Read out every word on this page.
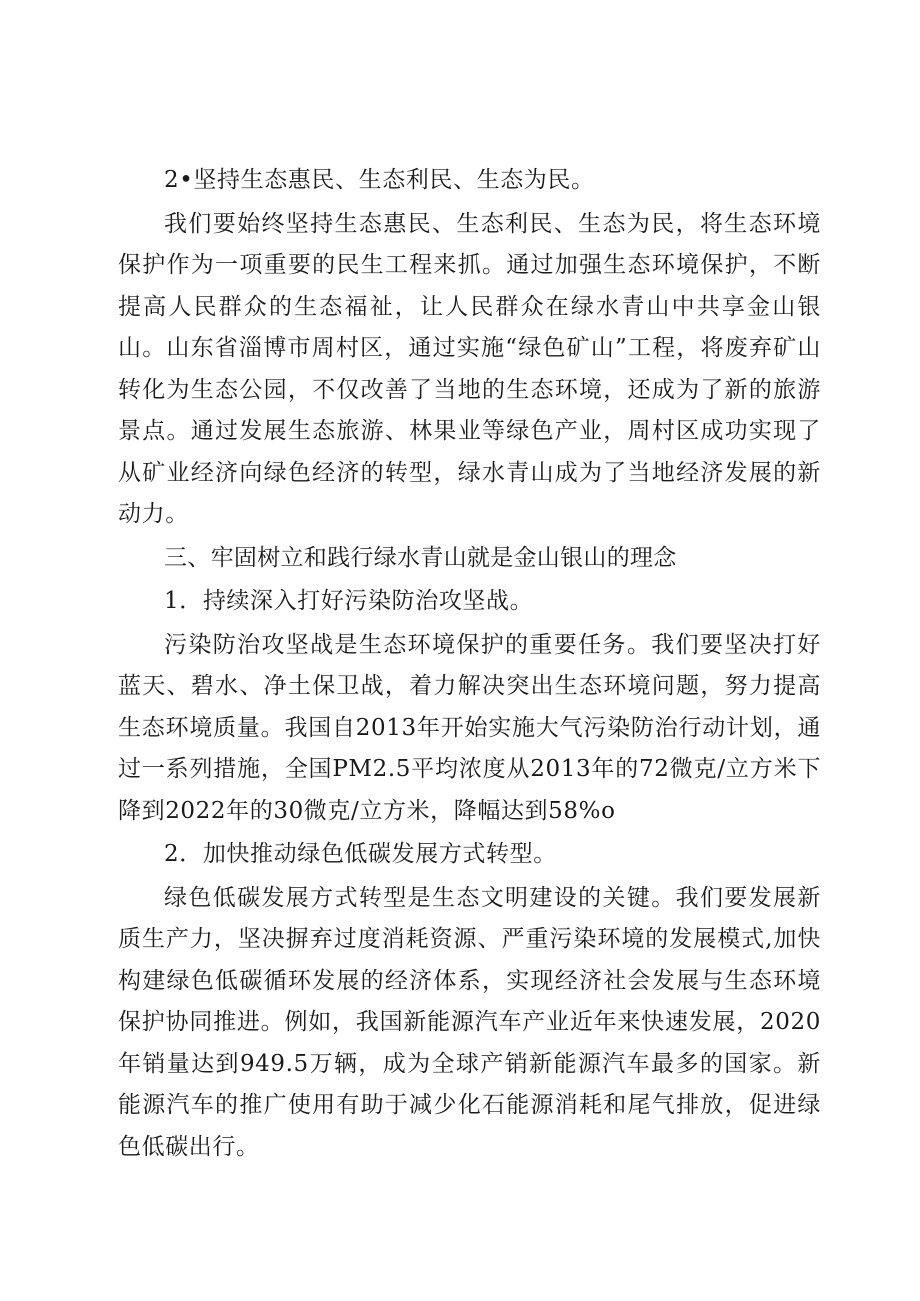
2•坚持生态惠民、生态利民、生态为民。

我们要始终坚持生态惠民、生态利民、生态为民，将生态环境保护作为一项重要的民生工程来抓。通过加强生态环境保护，不断提高人民群众的生态福祉，让人民群众在绿水青山中共享金山银山。山东省淄博市周村区，通过实施“绿色矿山”工程，将废弃矿山转化为生态公园，不仅改善了当地的生态环境，还成为了新的旅游景点。通过发展生态旅游、林果业等绿色产业，周村区成功实现了从矿业经济向绿色经济的转型，绿水青山成为了当地经济发展的新动力。

三、牢固树立和践行绿水青山就是金山银山的理念

1．持续深入打好污染防治攻坚战。

污染防治攻坚战是生态环境保护的重要任务。我们要坚决打好蓝天、碧水、净土保卫战，着力解决突出生态环境问题，努力提高生态环境质量。我国自2013年开始实施大气污染防治行动计划，通过一系列措施，全国PM2.5平均浓度从2013年的72微克/立方米下降到2022年的30微克/立方米，降幅达到58%o

2．加快推动绿色低碳发展方式转型。

绿色低碳发展方式转型是生态文明建设的关键。我们要发展新质生产力，坚决摒弃过度消耗资源、严重污染环境的发展模式,加快构建绿色低碳循环发展的经济体系，实现经济社会发展与生态环境保护协同推进。例如，我国新能源汽车产业近年来快速发展，2020年销量达到949.5万辆，成为全球产销新能源汽车最多的国家。新能源汽车的推广使用有助于减少化石能源消耗和尾气排放，促进绿色低碳出行。
